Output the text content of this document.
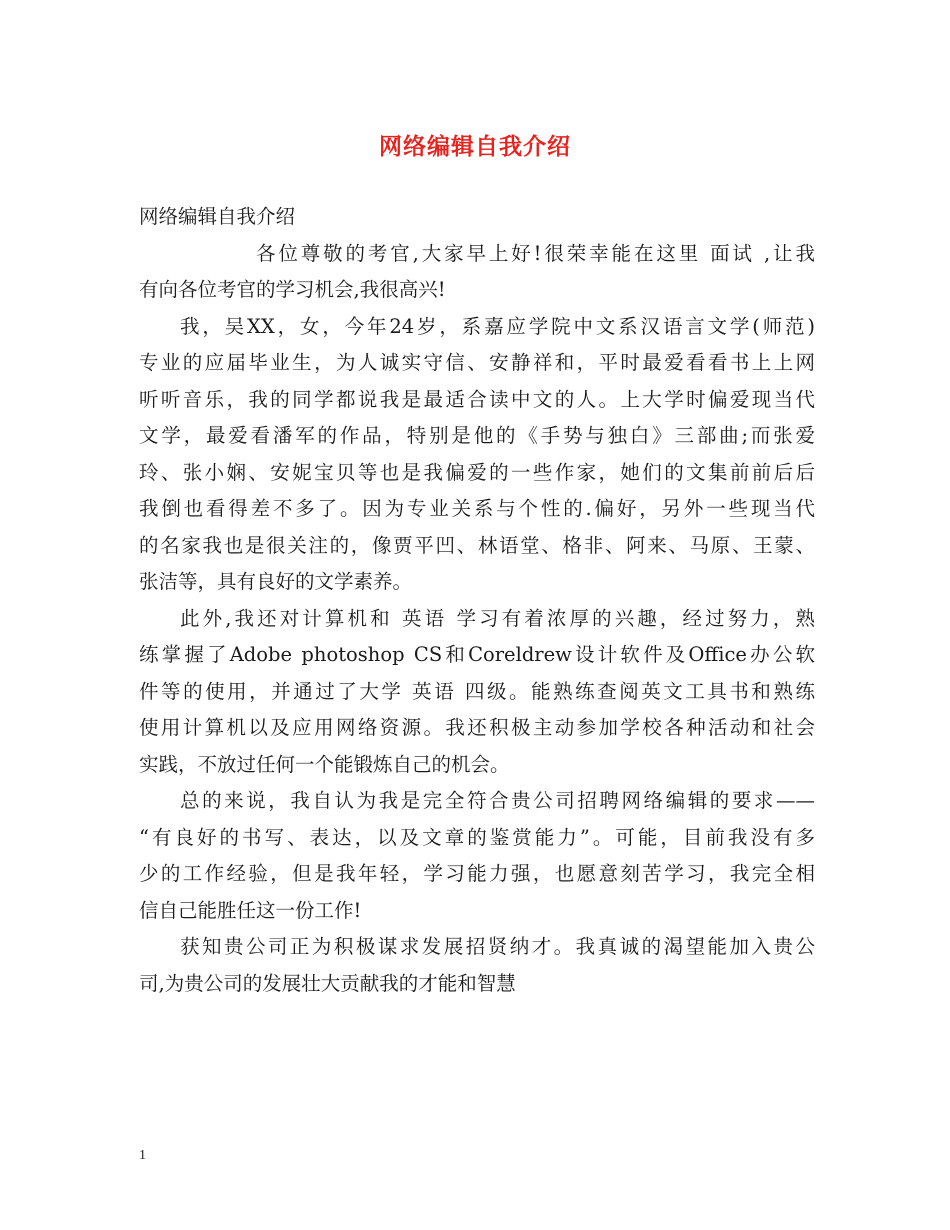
网络编辑自我介绍
网络编辑自我介绍
各位尊敬的考官,大家早上好!很荣幸能在这里 面试 ,让我
有向各位考官的学习机会,我很高兴!
我，吴XX，女，今年24岁，系嘉应学院中文系汉语言文学(师范)
专业的应届毕业生，为人诚实守信、安静祥和，平时最爱看看书上上网
听听音乐，我的同学都说我是最适合读中文的人。上大学时偏爱现当代
文学，最爱看潘军的作品，特别是他的《手势与独白》三部曲;而张爱
玲、张小娴、安妮宝贝等也是我偏爱的一些作家，她们的文集前前后后
我倒也看得差不多了。因为专业关系与个性的.偏好，另外一些现当代
的名家我也是很关注的，像贾平凹、林语堂、格非、阿来、马原、王蒙、
张洁等，具有良好的文学素养。
此外,我还对计算机和 英语 学习有着浓厚的兴趣，经过努力，熟
练掌握了Adobe photoshop CS和Coreldrew设计软件及Office办公软
件等的使用，并通过了大学 英语 四级。能熟练查阅英文工具书和熟练
使用计算机以及应用网络资源。我还积极主动参加学校各种活动和社会
实践，不放过任何一个能锻炼自己的机会。
总的来说，我自认为我是完全符合贵公司招聘网络编辑的要求——
“有良好的书写、表达，以及文章的鉴赏能力”。可能，目前我没有多
少的工作经验，但是我年轻，学习能力强，也愿意刻苦学习，我完全相
信自己能胜任这一份工作!
获知贵公司正为积极谋求发展招贤纳才。我真诚的渴望能加入贵公
司,为贵公司的发展壮大贡献我的才能和智慧
1
